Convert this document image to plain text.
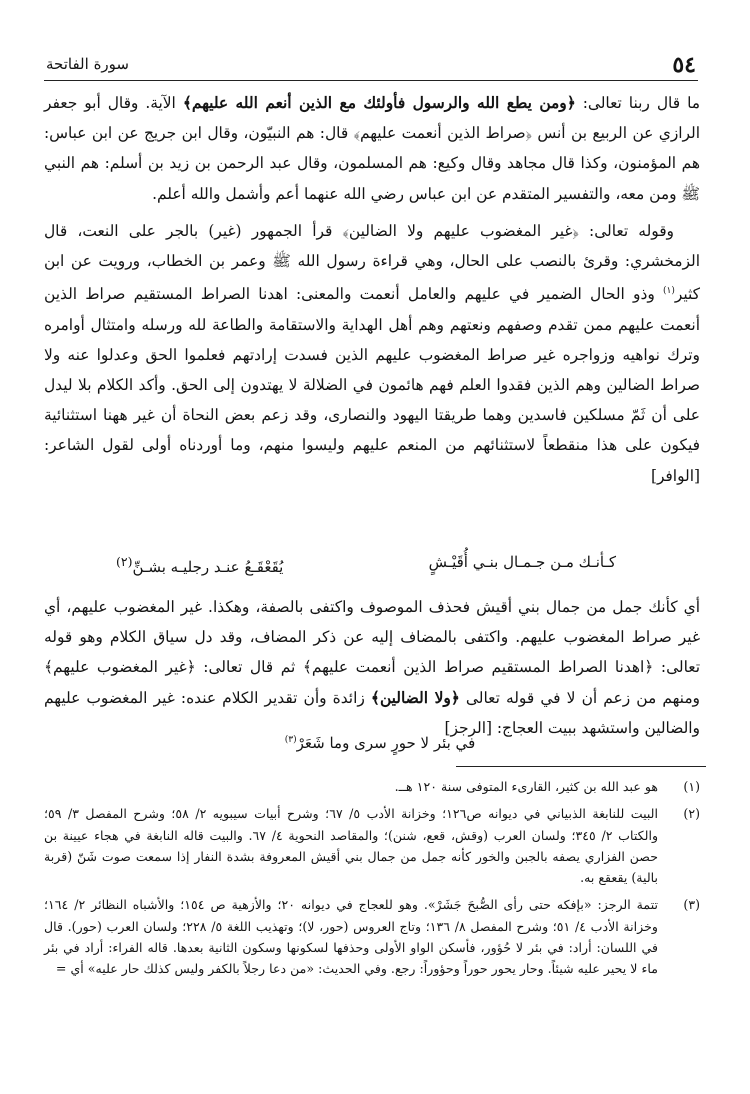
٥٤
سورة الفاتحة

ما قال ربنا تعالى: ﴿ومن يطع الله والرسول فأولئك مع الذين أنعم الله عليهم﴾ الآية. وقال أبو جعفر الرازي عن الربيع بن أنس ﴿صراط الذين أنعمت عليهم﴾ قال: هم النبيّون، وقال ابن جريج عن ابن عباس: هم المؤمنون، وكذا قال مجاهد وقال وكيع: هم المسلمون، وقال عبد الرحمن بن زيد بن أسلم: هم النبي ﷺ ومن معه، والتفسير المتقدم عن ابن عباس رضي الله عنهما أعم وأشمل والله أعلم.

وقوله تعالى: ﴿غير المغضوب عليهم ولا الضالين﴾ قرأ الجمهور (غير) بالجر على النعت، قال الزمخشري: وقرئ بالنصب على الحال، وهي قراءة رسول الله ﷺ وعمر بن الخطاب، ورويت عن ابن كثير$^{(١)}$ وذو الحال الضمير في عليهم والعامل أنعمت والمعنى: اهدنا الصراط المستقيم صراط الذين أنعمت عليهم ممن تقدم وصفهم ونعتهم وهم أهل الهداية والاستقامة والطاعة لله ورسله وامتثال أوامره وترك نواهيه وزواجره غير صراط المغضوب عليهم الذين فسدت إرادتهم فعلموا الحق وعدلوا عنه ولا صراط الضالين وهم الذين فقدوا العلم فهم هائمون في الضلالة لا يهتدون إلى الحق. وأكد الكلام بلا ليدل على أن ثَمّ مسلكين فاسدين وهما طريقتا اليهود والنصارى، وقد زعم بعض النحاة أن غير ههنا استثنائية فيكون على هذا منقطعاً لاستثنائهم من المنعم عليهم وليسوا منهم، وما أوردناه أولى لقول الشاعر: [الوافر]

كـأنـك مـن جـمـال بنـي أُقَيْـشٍ
يُقَعْقَـعُ عنـد رجليـه بشـنِّ$^{(٢)}$

أي كأنك جمل من جمال بني أقيش فحذف الموصوف واكتفى بالصفة، وهكذا. غير المغضوب عليهم، أي غير صراط المغضوب عليهم. واكتفى بالمضاف إليه عن ذكر المضاف، وقد دل سياق الكلام وهو قوله تعالى: ﴿اهدنا الصراط المستقيم صراط الذين أنعمت عليهم﴾ ثم قال تعالى: ﴿غير المغضوب عليهم﴾ ومنهم من زعم أن لا في قوله تعالى ﴿ولا الضالين﴾ زائدة وأن تقدير الكلام عنده: غير المغضوب عليهم والضالين واستشهد ببيت العجاج: [الرجز]

في بئر لا حورٍ سرى وما شَعَرْ$^{(٣)}$
(١)
هو عبد الله بن كثير، القارىء المتوفى سنة ١٢٠ هــ.
(٢)
البيت للنابغة الذبياني في ديوانه ص١٢٦؛ وخزانة الأدب ٥/ ٦٧؛ وشرح أبيات سيبويه ٢/ ٥٨؛ وشرح المفصل ٣/ ٥٩؛ والكتاب ٢/ ٣٤٥؛ ولسان العرب (وقش، قعع، شنن)؛ والمقاصد النحوية ٤/ ٦٧. والبيت قاله النابغة في هجاء عيينة بن حصن الفزاري يصفه بالجبن والخور كأنه جمل من جمال بني أقيش المعروفة بشدة النفار إذا سمعت صوت شَنّ (قربة بالية) يقعقع به.
(٣)
تتمة الرجز: «بإفكه حتى رأى الصُّبحَ جَشَرْ». وهو للعجاج في ديوانه ٢٠؛ والأزهية ص ١٥٤؛ والأشباه النظائر ٢/ ١٦٤؛ وخزانة الأدب ٤/ ٥١؛ وشرح المفصل ٨/ ١٣٦؛ وتاج العروس (حور، لا)؛ وتهذيب اللغة ٥/ ٢٢٨؛ ولسان العرب (حور). قال في اللسان: أراد: في بئر لا حُؤور، فأسكن الواو الأولى وحذفها لسكونها وسكون الثانية بعدها. قاله الفراء: أراد في بئر ماء لا يحير عليه شيئاً. وحار يحور حوراً وحؤوراً: رجع. وفي الحديث: «من دعا رجلاً بالكفر وليس كذلك حار عليه» أي =
